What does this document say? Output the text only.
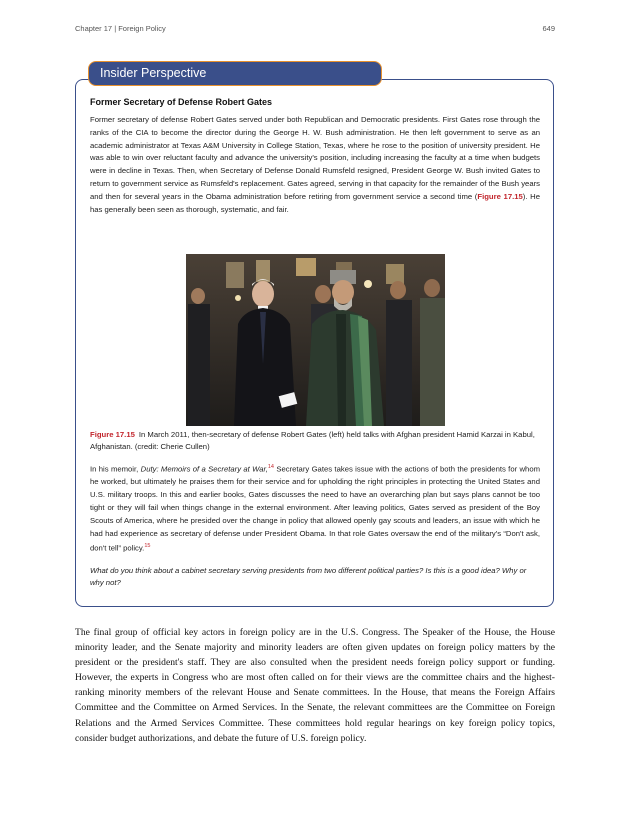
Chapter 17 | Foreign Policy	649
Insider Perspective
Former Secretary of Defense Robert Gates

Former secretary of defense Robert Gates served under both Republican and Democratic presidents. First Gates rose through the ranks of the CIA to become the director during the George H. W. Bush administration. He then left government to serve as an academic administrator at Texas A&M University in College Station, Texas, where he rose to the position of university president. He was able to win over reluctant faculty and advance the university's position, including increasing the faculty at a time when budgets were in decline in Texas. Then, when Secretary of Defense Donald Rumsfeld resigned, President George W. Bush invited Gates to return to government service as Rumsfeld's replacement. Gates agreed, serving in that capacity for the remainder of the Bush years and then for several years in the Obama administration before retiring from government service a second time (Figure 17.15). He has generally been seen as thorough, systematic, and fair.

Figure 17.15 In March 2011, then-secretary of defense Robert Gates (left) held talks with Afghan president Hamid Karzai in Kabul, Afghanistan. (credit: Cherie Cullen)

In his memoir, Duty: Memoirs of a Secretary at War,$^{14}$ Secretary Gates takes issue with the actions of both the presidents for whom he worked, but ultimately he praises them for their service and for upholding the right principles in protecting the United States and U.S. military troops. In this and earlier books, Gates discusses the need to have an overarching plan but says plans cannot be too tight or they will fail when things change in the external environment. After leaving politics, Gates served as president of the Boy Scouts of America, where he presided over the change in policy that allowed openly gay scouts and leaders, an issue with which he had had experience as secretary of defense under President Obama. In that role Gates oversaw the end of the military's “Don't ask, don't tell” policy.$^{15}$

What do you think about a cabinet secretary serving presidents from two different political parties? Is this is a good idea? Why or why not?

The final group of official key actors in foreign policy are in the U.S. Congress. The Speaker of the House, the House minority leader, and the Senate majority and minority leaders are often given updates on foreign policy matters by the president or the president's staff. They are also consulted when the president needs foreign policy support or funding. However, the experts in Congress who are most often called on for their views are the committee chairs and the highest-ranking minority members of the relevant House and Senate committees. In the House, that means the Foreign Affairs Committee and the Committee on Armed Services. In the Senate, the relevant committees are the Committee on Foreign Relations and the Armed Services Committee. These committees hold regular hearings on key foreign policy topics, consider budget authorizations, and debate the future of U.S. foreign policy.
